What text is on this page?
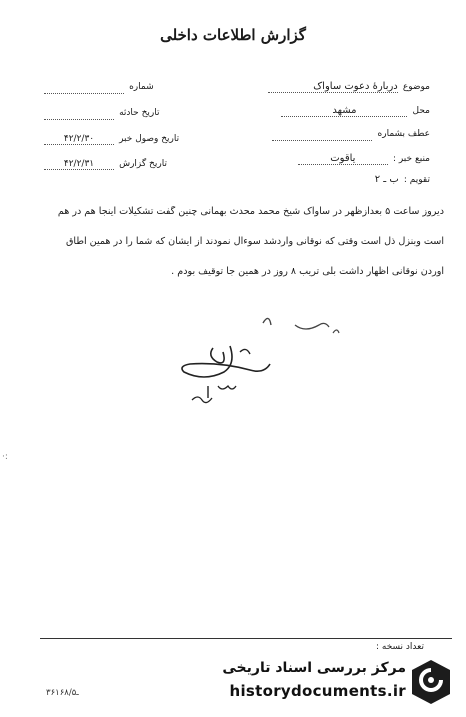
گزارش اطلاعات داخلی
موضوع دربارهٔ دعوت ساواک
محل مشهد
عطف بشماره
منبع خبر : یاقوت
تقویم : ب ـ ۲
شماره
تاریخ حادثه
تاریخ وصول خبر ۴۲/۲/۳۰
تاریخ گزارش ۴۲/۲/۳۱
دیروز ساعت ۵ بعدازظهر در ساواک شیخ محمد محدث بهمانی چنین گفت تشکیلات اینجا هم در هم
است وبنزل ذل است وقتی که نوقانی واردشد سوءال نمودند از ایشان که شما را در همین اطاق
آوردن نوقانی اظهار داشت بلی تریب ۸ روز در همین جا توقیف بودم .
·:
تعداد نسخه :
۳۶ـ۱۶۸/۵
مرکز بررسی اسناد تاریخی
historydocuments.ir
